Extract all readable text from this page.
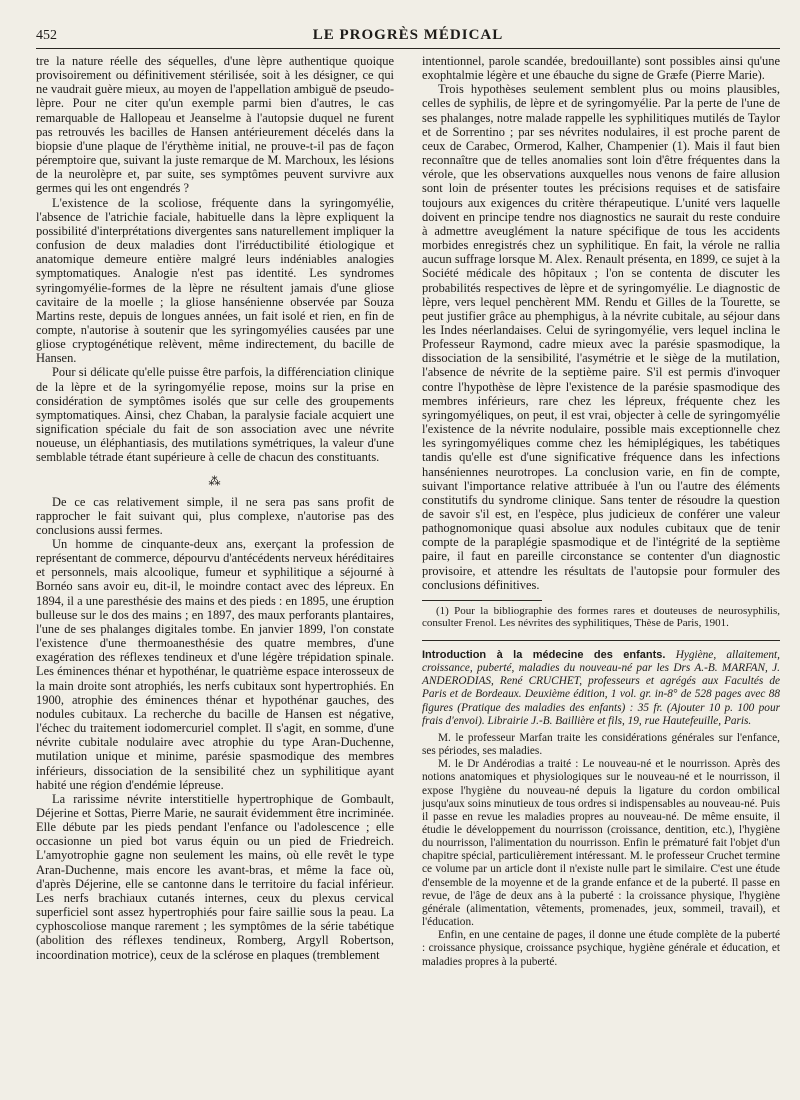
452	LE PROGRÈS MÉDICAL

tre la nature réelle des séquelles, d'une lèpre authentique quoique provisoirement ou définitivement stérilisée, soit à les désigner, ce qui ne vaudrait guère mieux, au moyen de l'appellation ambiguë de pseudo-lèpre. Pour ne citer qu'un exemple parmi bien d'autres, le cas remarquable de Hallopeau et Jeanselme à l'autopsie duquel ne furent pas retrouvés les bacilles de Hansen antérieurement décelés dans la biopsie d'une plaque de l'érythème initial, ne prouve-t-il pas de façon péremptoire que, suivant la juste remarque de M. Marchoux, les lésions de la neurolèpre et, par suite, ses symptômes peuvent survivre aux germes qui les ont engendrés ?

L'existence de la scoliose, fréquente dans la syringomyélie, l'absence de l'atrichie faciale, habituelle dans la lèpre expliquent la possibilité d'interprétations divergentes sans naturellement impliquer la confusion de deux maladies dont l'irréductibilité étiologique et anatomique demeure entière malgré leurs indéniables analogies symptomatiques. Analogie n'est pas identité. Les syndromes syringomyélie-formes de la lèpre ne résultent jamais d'une gliose cavitaire de la moelle ; la gliose hansénienne observée par Souza Martins reste, depuis de longues années, un fait isolé et rien, en fin de compte, n'autorise à soutenir que les syringomyélies causées par une gliose cryptogénétique relèvent, même indirectement, du bacille de Hansen.

Pour si délicate qu'elle puisse être parfois, la différenciation clinique de la lèpre et de la syringomyélie repose, moins sur la prise en considération de symptômes isolés que sur celle des groupements symptomatiques. Ainsi, chez Chaban, la paralysie faciale acquiert une signification spéciale du fait de son association avec une névrite noueuse, un éléphantiasis, des mutilations symétriques, la valeur d'une semblable tétrade étant supérieure à celle de chacun des constituants.

⁂

De ce cas relativement simple, il ne sera pas sans profit de rapprocher le fait suivant qui, plus complexe, n'autorise pas des conclusions aussi fermes.

Un homme de cinquante-deux ans, exerçant la profession de représentant de commerce, dépourvu d'antécédents nerveux héréditaires et personnels, mais alcoolique, fumeur et syphilitique a séjourné à Bornéo sans avoir eu, dit-il, le moindre contact avec des lépreux. En 1894, il a une paresthésie des mains et des pieds : en 1895, une éruption bulleuse sur le dos des mains ; en 1897, des maux perforants plantaires, l'une de ses phalanges digitales tombe. En janvier 1899, l'on constate l'existence d'une thermoanesthésie des quatre membres, d'une exagération des réflexes tendineux et d'une légère trépidation spinale. Les éminences thénar et hypothénar, le quatrième espace interosseux de la main droite sont atrophiés, les nerfs cubitaux sont hypertrophiés. En 1900, atrophie des éminences thénar et hypothénar gauches, des nodules cubitaux. La recherche du bacille de Hansen est négative, l'échec du traitement iodomercuriel complet. Il s'agit, en somme, d'une névrite cubitale nodulaire avec atrophie du type Aran-Duchenne, mutilation unique et minime, parésie spasmodique des membres inférieurs, dissociation de la sensibilité chez un syphilitique ayant habité une région d'endémie lépreuse.

La rarissime névrite interstitielle hypertrophique de Gombault, Déjerine et Sottas, Pierre Marie, ne saurait évidemment être incriminée. Elle débute par les pieds pendant l'enfance ou l'adolescence ; elle occasionne un pied bot varus équin ou un pied de Friedreich. L'amyotrophie gagne non seulement les mains, où elle revêt le type Aran-Duchenne, mais encore les avant-bras, et même la face où, d'après Déjerine, elle se cantonne dans le territoire du facial inférieur. Les nerfs brachiaux cutanés internes, ceux du plexus cervical superficiel sont assez hypertrophiés pour faire saillie sous la peau. La cyphoscoliose manque rarement ; les symptômes de la série tabétique (abolition des réflexes tendineux, Romberg, Argyll Robertson, incoordination motrice), ceux de la sclérose en plaques (tremblement

intentionnel, parole scandée, bredouillante) sont possibles ainsi qu'une exophtalmie légère et une ébauche du signe de Græfe (Pierre Marie).

Trois hypothèses seulement semblent plus ou moins plausibles, celles de syphilis, de lèpre et de syringomyélie. Par la perte de l'une de ses phalanges, notre malade rappelle les syphilitiques mutilés de Taylor et de Sorrentino ; par ses névrites nodulaires, il est proche parent de ceux de Carabec, Ormerod, Kalher, Champenier (1). Mais il faut bien reconnaître que de telles anomalies sont loin d'être fréquentes dans la vérole, que les observations auxquelles nous venons de faire allusion sont loin de présenter toutes les précisions requises et de satisfaire toujours aux exigences du critère thérapeutique. L'unité vers laquelle doivent en principe tendre nos diagnostics ne saurait du reste conduire à admettre aveuglément la nature spécifique de tous les accidents morbides enregistrés chez un syphilitique. En fait, la vérole ne rallia aucun suffrage lorsque M. Alex. Renault présenta, en 1899, ce sujet à la Société médicale des hôpitaux ; l'on se contenta de discuter les probabilités respectives de lèpre et de syringomyélie. Le diagnostic de lèpre, vers lequel penchèrent MM. Rendu et Gilles de la Tourette, se peut justifier grâce au phemphigus, à la névrite cubitale, au séjour dans les Indes néerlandaises. Celui de syringomyélie, vers lequel inclina le Professeur Raymond, cadre mieux avec la parésie spasmodique, la dissociation de la sensibilité, l'asymétrie et le siège de la mutilation, l'absence de névrite de la septième paire. S'il est permis d'invoquer contre l'hypothèse de lèpre l'existence de la parésie spasmodique des membres inférieurs, rare chez les lépreux, fréquente chez les syringomyéliques, on peut, il est vrai, objecter à celle de syringomyélie l'existence de la névrite nodulaire, possible mais exceptionnelle chez les syringomyéliques comme chez les hémiplégiques, les tabétiques tandis qu'elle est d'une significative fréquence dans les infections hanséniennes neurotropes. La conclusion varie, en fin de compte, suivant l'importance relative attribuée à l'un ou l'autre des éléments constitutifs du syndrome clinique. Sans tenter de résoudre la question de savoir s'il est, en l'espèce, plus judicieux de conférer une valeur pathognomonique quasi absolue aux nodules cubitaux que de tenir compte de la paraplégie spasmodique et de l'intégrité de la septième paire, il faut en pareille circonstance se contenter d'un diagnostic provisoire, et attendre les résultats de l'autopsie pour formuler des conclusions définitives.

(1) Pour la bibliographie des formes rares et douteuses de neurosyphilis, consulter Frenol. Les névrites des syphilitiques, Thèse de Paris, 1901.

Introduction à la médecine des enfants. Hygiène, allaitement, croissance, puberté, maladies du nouveau-né par les Drs A.-B. MARFAN, J. ANDERODIAS, René CRUCHET, professeurs et agrégés aux Facultés de Paris et de Bordeaux. Deuxième édition, 1 vol. gr. in-8° de 528 pages avec 88 figures (Pratique des maladies des enfants) : 35 fr. (Ajouter 10 p. 100 pour frais d'envoi). Librairie J.-B. Baillière et fils, 19, rue Hautefeuille, Paris.

M. le professeur Marfan traite les considérations générales sur l'enfance, ses périodes, ses maladies.

M. le Dr Andérodias a traité : Le nouveau-né et le nourrisson. Après des notions anatomiques et physiologiques sur le nouveau-né et le nourrisson, il expose l'hygiène du nouveau-né depuis la ligature du cordon ombilical jusqu'aux soins minutieux de tous ordres si indispensables au nouveau-né. Puis il passe en revue les maladies propres au nouveau-né. De même ensuite, il étudie le développement du nourrisson (croissance, dentition, etc.), l'hygiène du nourrisson, l'alimentation du nourrisson. Enfin le prématuré fait l'objet d'un chapitre spécial, particulièrement intéressant. M. le professeur Cruchet termine ce volume par un article dont il n'existe nulle part le similaire. C'est une étude d'ensemble de la moyenne et de la grande enfance et de la puberté. Il passe en revue, de l'âge de deux ans à la puberté : la croissance physique, l'hygiène générale (alimentation, vêtements, promenades, jeux, sommeil, travail), et l'éducation.

Enfin, en une centaine de pages, il donne une étude complète de la puberté : croissance physique, croissance psychique, hygiène générale et éducation, et maladies propres à la puberté.
